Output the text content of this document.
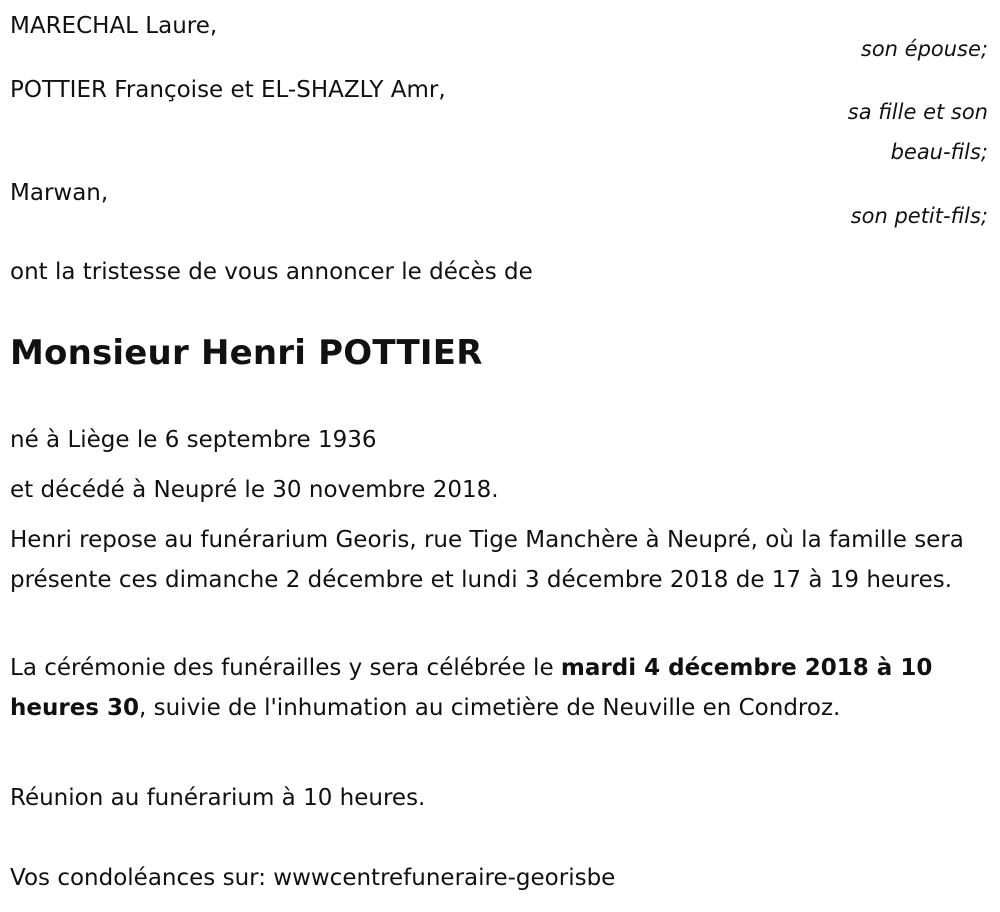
MARECHAL Laure,
son épouse;
POTTIER Françoise et EL-SHAZLY Amr,
sa fille et son
beau-fils;
Marwan,
son petit-fils;
ont la tristesse de vous annoncer le décès de
Monsieur Henri POTTIER
né à Liège le 6 septembre 1936
et décédé à Neupré le 30 novembre 2018.
Henri repose au funérarium Georis, rue Tige Manchère à Neupré, où la famille sera présente ces dimanche 2 décembre et lundi 3 décembre 2018 de 17 à 19 heures.
La cérémonie des funérailles y sera célébrée le mardi 4 décembre 2018 à 10 heures 30, suivie de l'inhumation au cimetière de Neuville en Condroz.
Réunion au funérarium à 10 heures.
Vos condoléances sur: wwwcentrefuneraire-georisbe
